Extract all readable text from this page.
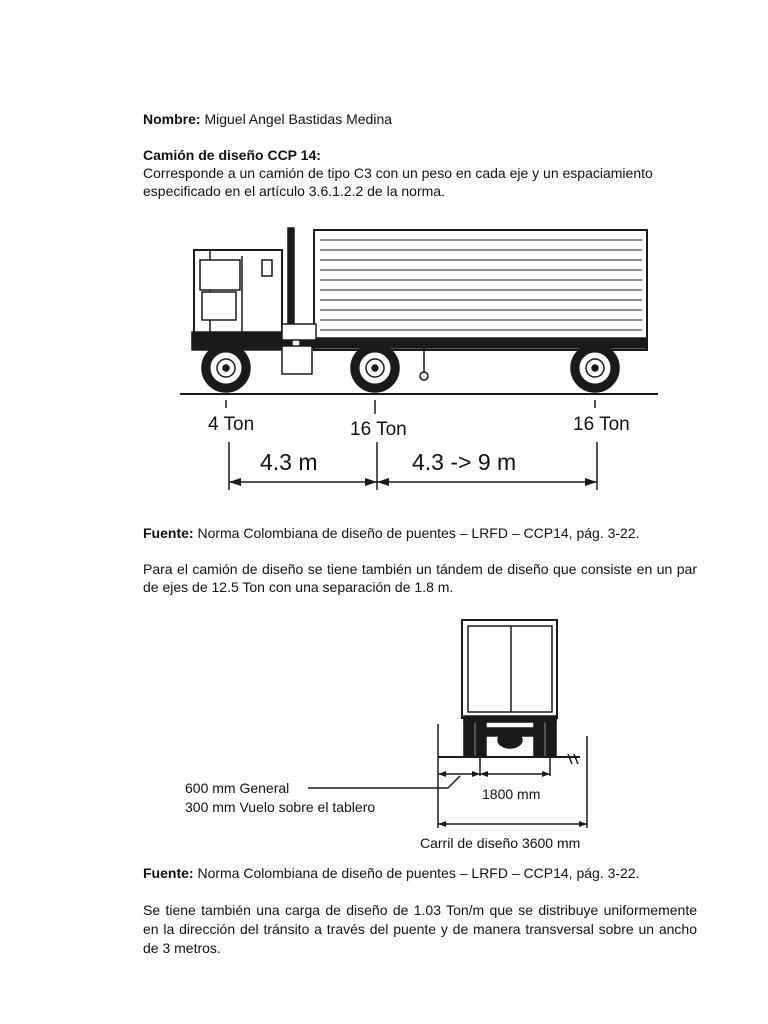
Nombre: Miguel Angel Bastidas Medina

Camión de diseño CCP 14:

Corresponde a un camión de tipo C3 con un peso en cada eje y un espaciamiento especificado en el artículo 3.6.1.2.2 de la norma.

4 Ton	16 Ton	16 Ton
4.3 m	4.3 -> 9 m

Fuente: Norma Colombiana de diseño de puentes – LRFD – CCP14, pág. 3-22.

Para el camión de diseño se tiene también un tándem de diseño que consiste en un par de ejes de 12.5 Ton con una separación de 1.8 m.

600 mm General
300 mm Vuelo sobre el tablero
1800 mm
Carril de diseño 3600 mm

Fuente: Norma Colombiana de diseño de puentes – LRFD – CCP14, pág. 3-22.

Se tiene también una carga de diseño de 1.03 Ton/m que se distribuye uniformemente en la dirección del tránsito a través del puente y de manera transversal sobre un ancho de 3 metros.
